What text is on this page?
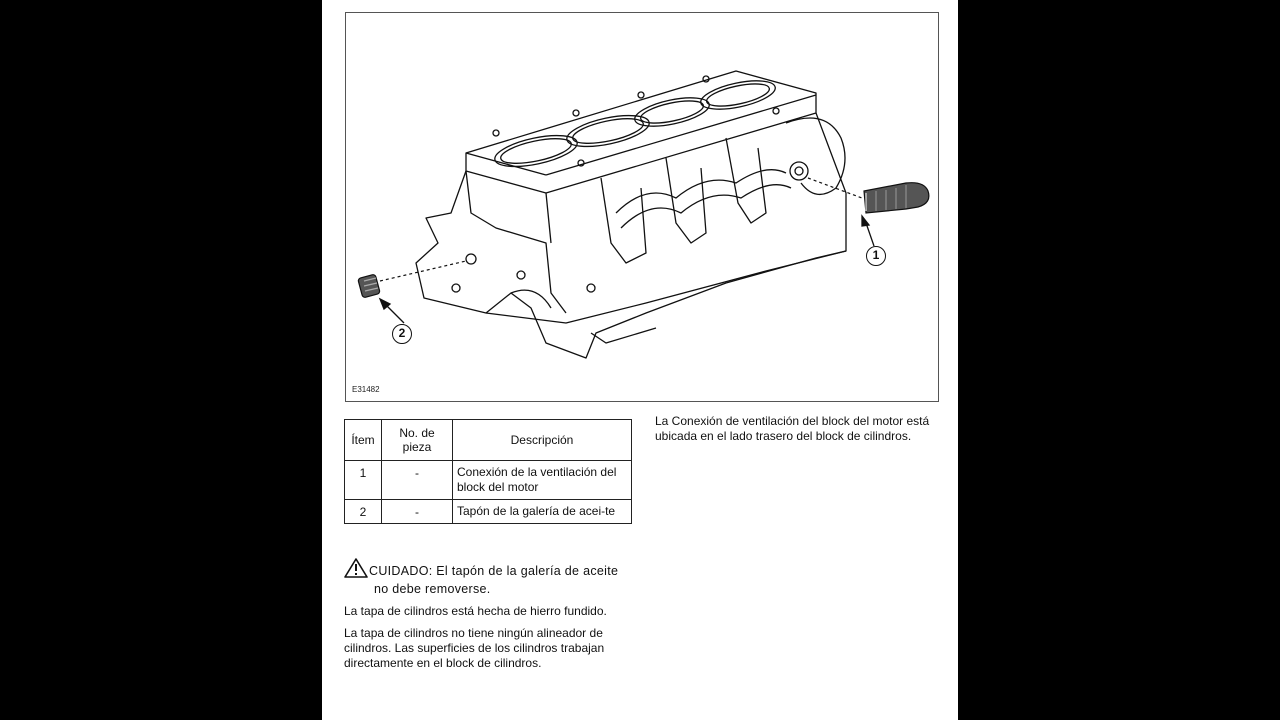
1
2
E31482
Ítem	No. de pieza	Descripción
1	-	Conexión de la ventilación del block del motor
2	-	Tapón de la galería de acei-te
CUIDADO: El tapón de la galería de aceite
no debe removerse.
La tapa de cilindros está hecha de hierro fundido.
La tapa de cilindros no tiene ningún alineador de cilindros. Las superficies de los cilindros trabajan directamente en el block de cilindros.
La Conexión de ventilación del block del motor está ubicada en el lado trasero del block de cilindros.
